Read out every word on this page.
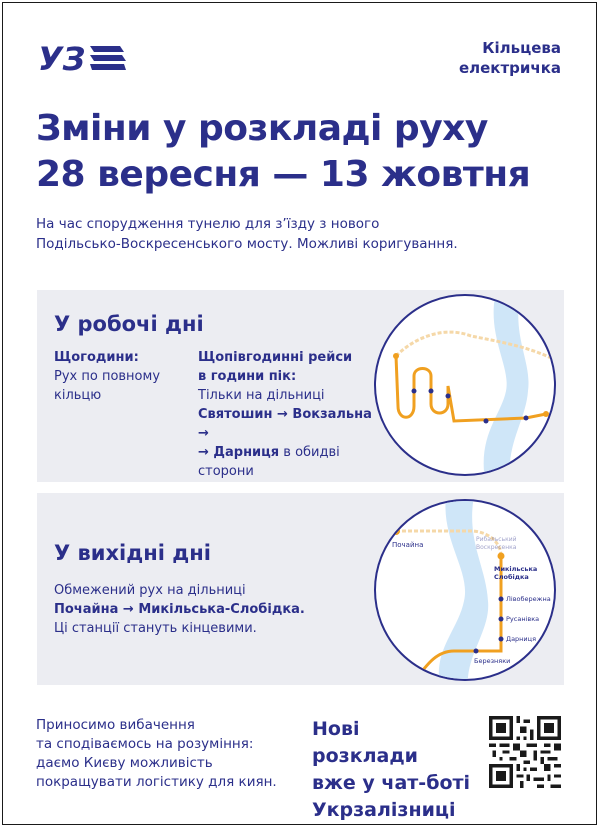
УЗ	Кільцева
електричка
Зміни у розкладі руху
28 вересня — 13 жовтня
На час спорудження тунелю для з’їзду з нового
Подільсько-Воскресенського мосту. Можливі коригування.
У робочі дні
Щогодини:
Рух по повному
кільцю
Щопівгодинні рейси
в години пік:
Тільки на дільниці
Святошин → Вокзальна →
→ Дарниця в обидві
сторони
У вихідні дні
Обмежений рух на дільниці
Почайна → Микільська-Слобідка.
Ці станції стануть кінцевими.
Почайна
Рибальський
Воскресенка
Микільська
Слобідка
Лівобережна
Русанівка
Дарниця
Березняки
Приносимо вибачення
та сподіваємось на розуміння:
даємо Києву можливість
покращувати логістику для киян.
Нові розклади
вже у чат-боті
Укрзалізниці
